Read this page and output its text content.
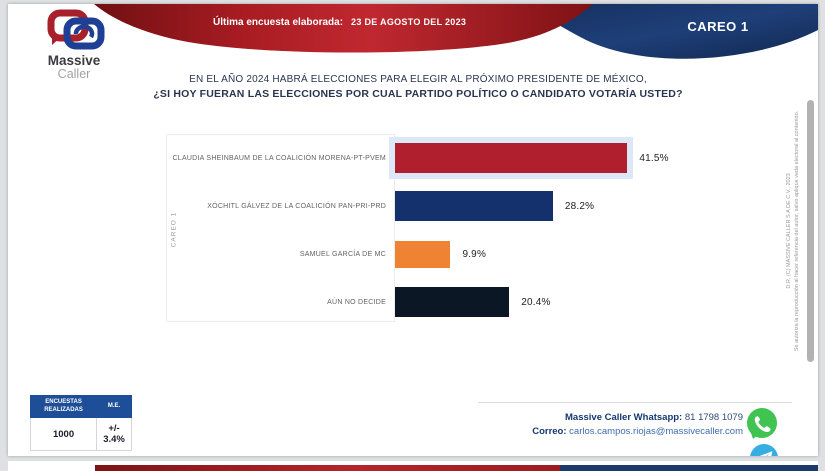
Última encuesta elaborada: 23 DE AGOSTO DEL 2023	CAREO 1
Massive
Caller	EN EL AÑO 2024 HABRÁ ELECCIONES PARA ELEGIR AL PRÓXIMO PRESIDENTE DE MÉXICO,
¿SI HOY FUERAN LAS ELECCIONES POR CUAL PARTIDO POLÍTICO O CANDIDATO VOTARÍA USTED?
CAREO 1
CLAUDIA SHEINBAUM DE LA COALICIÓN MORENA-PT-PVEM	41.5%
XÓCHITL GÁLVEZ DE LA COALICIÓN PAN-PRI-PRD	28.2%
SAMUEL GARCÍA DE MC	9.9%
AÚN NO DECIDE	20.4%
ENCUESTAS REALIZADAS	M.E.
1000	+/- 3.4%
Massive Caller Whatsapp: 81 1798 1079
Correo: carlos.campos.riojas@massivecaller.com

D.R. (C) MASSIVE CALLER S.A DE C.V., 2023 Se autoriza la reproducción al hacer referencia del autor, salvo aplique veda electoral al contenido.
